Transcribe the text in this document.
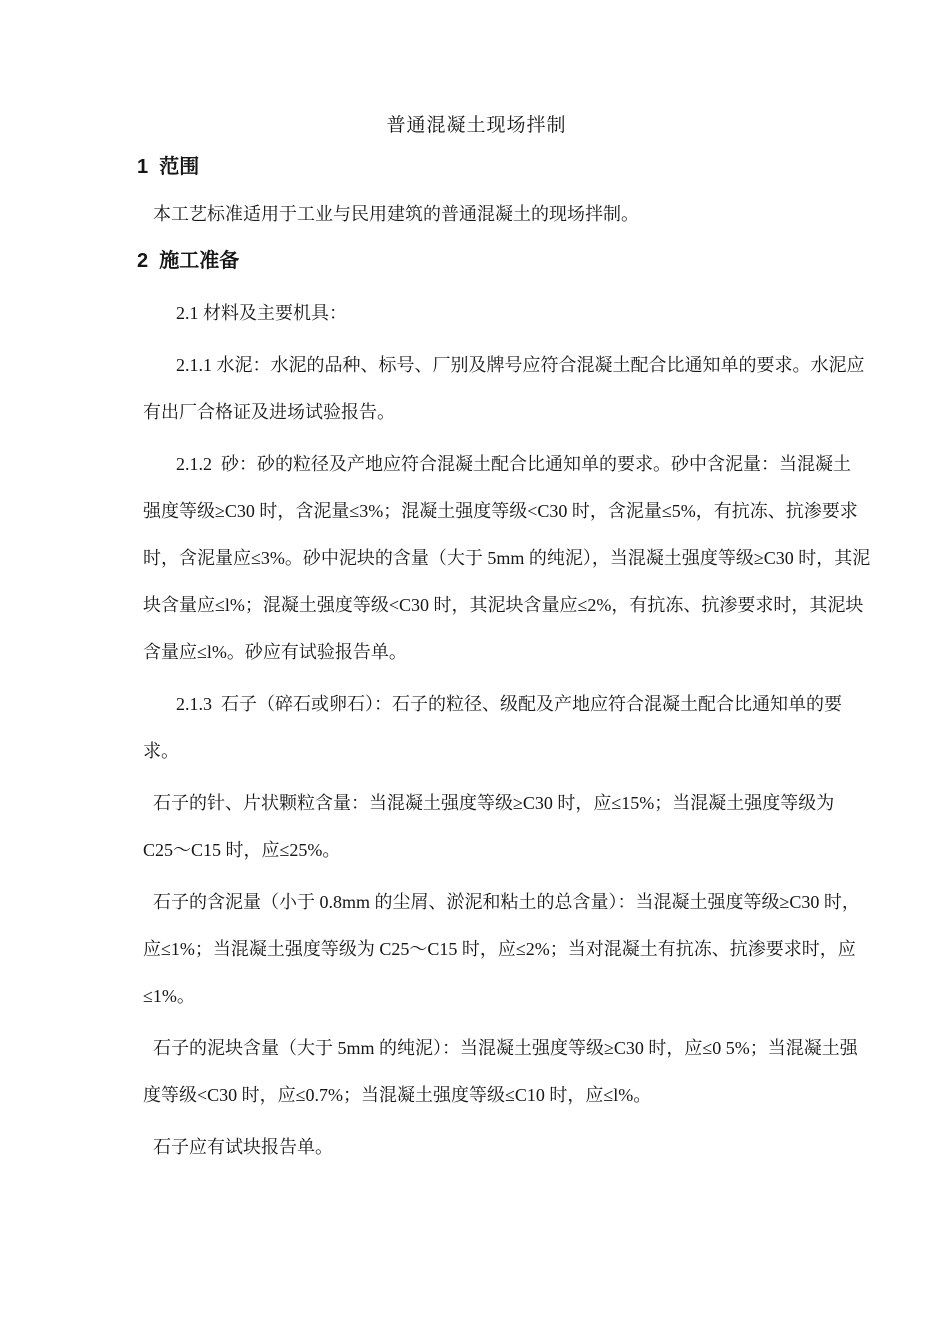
普通混凝土现场拌制
1  范围
本工艺标准适用于工业与民用建筑的普通混凝土的现场拌制。
2  施工准备
2.1 材料及主要机具：
2.1.1 水泥：水泥的品种、标号、厂别及牌号应符合混凝土配合比通知单的要求。水泥应
有出厂合格证及进场试验报告。
2.1.2  砂：砂的粒径及产地应符合混凝土配合比通知单的要求。砂中含泥量：当混凝土
强度等级≥C30 时，含泥量≤3%；混凝土强度等级<C30 时，含泥量≤5%，有抗冻、抗渗要求
时，含泥量应≤3%。砂中泥块的含量（大于 5mm 的纯泥），当混凝土强度等级≥C30 时，其泥
块含量应≤l%；混凝土强度等级<C30 时，其泥块含量应≤2%，有抗冻、抗渗要求时，其泥块
含量应≤l%。砂应有试验报告单。
2.1.3  石子（碎石或卵石）：石子的粒径、级配及产地应符合混凝土配合比通知单的要
求。
石子的针、片状颗粒含量：当混凝土强度等级≥C30 时，应≤15%；当混凝土强度等级为
C25～C15 时，应≤25%。
石子的含泥量（小于 0.8mm 的尘屑、淤泥和粘土的总含量）：当混凝土强度等级≥C30 时，
应≤1%；当混凝土强度等级为 C25～C15 时，应≤2%；当对混凝土有抗冻、抗渗要求时，应
≤1%。
石子的泥块含量（大于 5mm 的纯泥）：当混凝土强度等级≥C30 时，应≤0 5%；当混凝土强
度等级<C30 时，应≤0.7%；当混凝土强度等级≤C10 时，应≤l%。
石子应有试块报告单。
